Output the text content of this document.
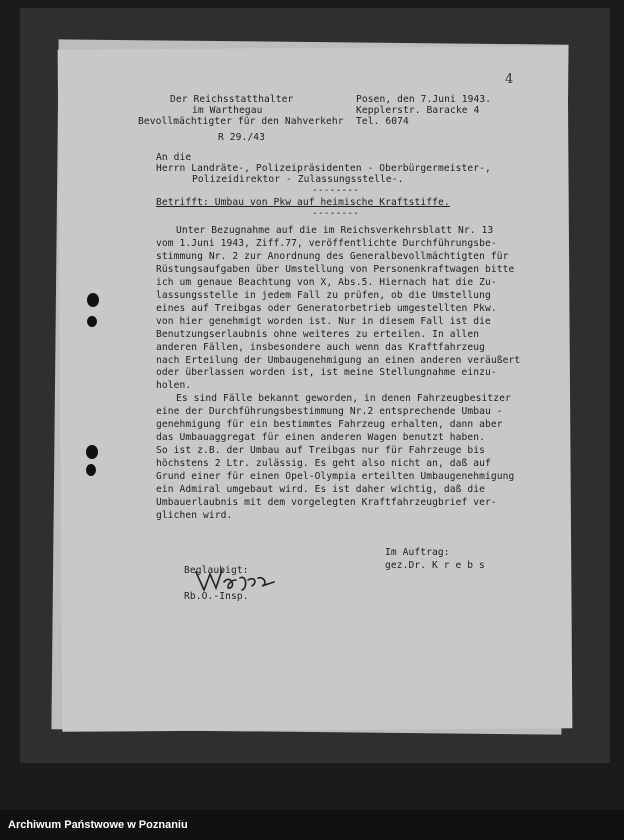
4
Der Reichsstatthalter
im Warthegau
Bevollmächtigter für den Nahverkehr
Posen, den 7.Juni 1943.
Kepplerstr. Baracke 4
Tel. 6074
R 29./43
An die
Herrn Landräte-, Polizeipräsidenten - Oberbürgermeister-,
Polizeidirektor - Zulassungsstelle-.
--------
Betrifft: Umbau von Pkw auf heimische Kraftstiffe.
--------
Unter Bezugnahme auf die im Reichsverkehrsblatt Nr. 13
vom 1.Juni 1943, Ziff.77, veröffentlichte Durchführungsbe-
stimmung Nr. 2 zur Anordnung des Generalbevollmächtigten für
Rüstungsaufgaben über Umstellung von Personenkraftwagen bitte
ich um genaue Beachtung von X, Abs.5. Hiernach hat die Zu-
lassungsstelle in jedem Fall zu prüfen, ob die Umstellung
eines auf Treibgas oder Generatorbetrieb umgestellten Pkw.
von hier genehmigt worden ist. Nur in diesem Fall ist die
Benutzungserlaubnis ohne weiteres zu erteilen. In allen
anderen Fällen, insbesondere auch wenn das Kraftfahrzeug
nach Erteilung der Umbaugenehmigung an einen anderen veräußert
oder überlassen worden ist, ist meine Stellungnahme einzu-
holen.
Es sind Fälle bekannt geworden, in denen Fahrzeugbesitzer
eine der Durchführungsbestimmung Nr.2 entsprechende Umbau -
genehmigung für ein bestimmtes Fahrzeug erhalten, dann aber
das Umbauaggregat für einen anderen Wagen benutzt haben.
So ist z.B. der Umbau auf Treibgas nur für Fahrzeuge bis
höchstens 2 Ltr. zulässig. Es geht also nicht an, daß auf
Grund einer für einen Opel-Olympia erteilten Umbaugenehmigung
ein Admiral umgebaut wird. Es ist daher wichtig, daß die
Umbauerlaubnis mit dem vorgelegten Kraftfahrzeugbrief ver-
glichen wird.
Im Auftrag:
gez.Dr. K r e b s
Beglaubigt:
Rb.O.-Insp.
Archiwum Państwowe w Poznaniu
